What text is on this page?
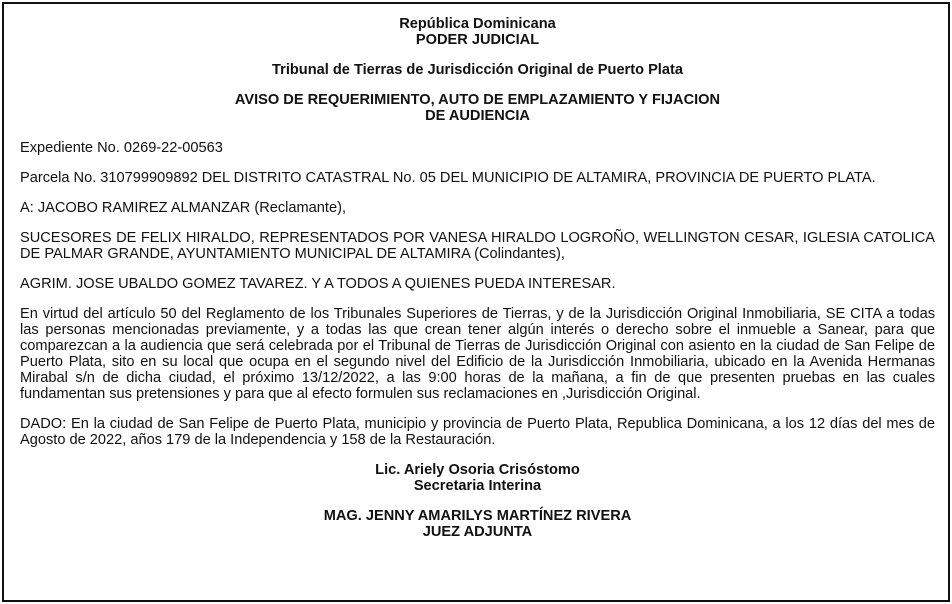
República Dominicana
PODER JUDICIAL
Tribunal de Tierras de Jurisdicción Original de Puerto Plata
AVISO DE REQUERIMIENTO, AUTO DE EMPLAZAMIENTO Y FIJACION
DE AUDIENCIA
Expediente No. 0269-22-00563
Parcela No. 310799909892 DEL DISTRITO CATASTRAL No. 05 DEL MUNICIPIO DE ALTAMIRA, PROVINCIA DE PUERTO PLATA.
A: JACOBO RAMIREZ ALMANZAR (Reclamante),
SUCESORES DE FELIX HIRALDO, REPRESENTADOS POR VANESA HIRALDO LOGROÑO, WELLINGTON CESAR, IGLESIA CATOLICA DE PALMAR GRANDE, AYUNTAMIENTO MUNICIPAL DE ALTAMIRA (Colindantes),
AGRIM. JOSE UBALDO GOMEZ TAVAREZ. Y A TODOS A QUIENES PUEDA INTERESAR.
En virtud del artículo 50 del Reglamento de los Tribunales Superiores de Tierras, y de la Jurisdicción Original Inmobiliaria, SE CITA a todas las personas mencionadas previamente, y a todas las que crean tener algún interés o derecho sobre el inmueble a Sanear, para que comparezcan a la audiencia que será celebrada por el Tribunal de Tierras de Jurisdicción Original con asiento en la ciudad de San Felipe de Puerto Plata, sito en su local que ocupa en el segundo nivel del Edificio de la Jurisdicción Inmobiliaria, ubicado en la Avenida Hermanas Mirabal s/n de dicha ciudad, el próximo 13/12/2022, a las 9:00 horas de la mañana, a fin de que presenten pruebas en las cuales fundamentan sus pretensiones y para que al efecto formulen sus reclamaciones en ,Jurisdicción Original.
DADO: En la ciudad de San Felipe de Puerto Plata, municipio y provincia de Puerto Plata, Republica Dominicana, a los 12 días del mes de Agosto de 2022, años 179 de la Independencia y 158 de la Restauración.
Lic. Ariely Osoria Crisóstomo
Secretaria Interina
MAG. JENNY AMARILYS MARTÍNEZ RIVERA
JUEZ ADJUNTA
